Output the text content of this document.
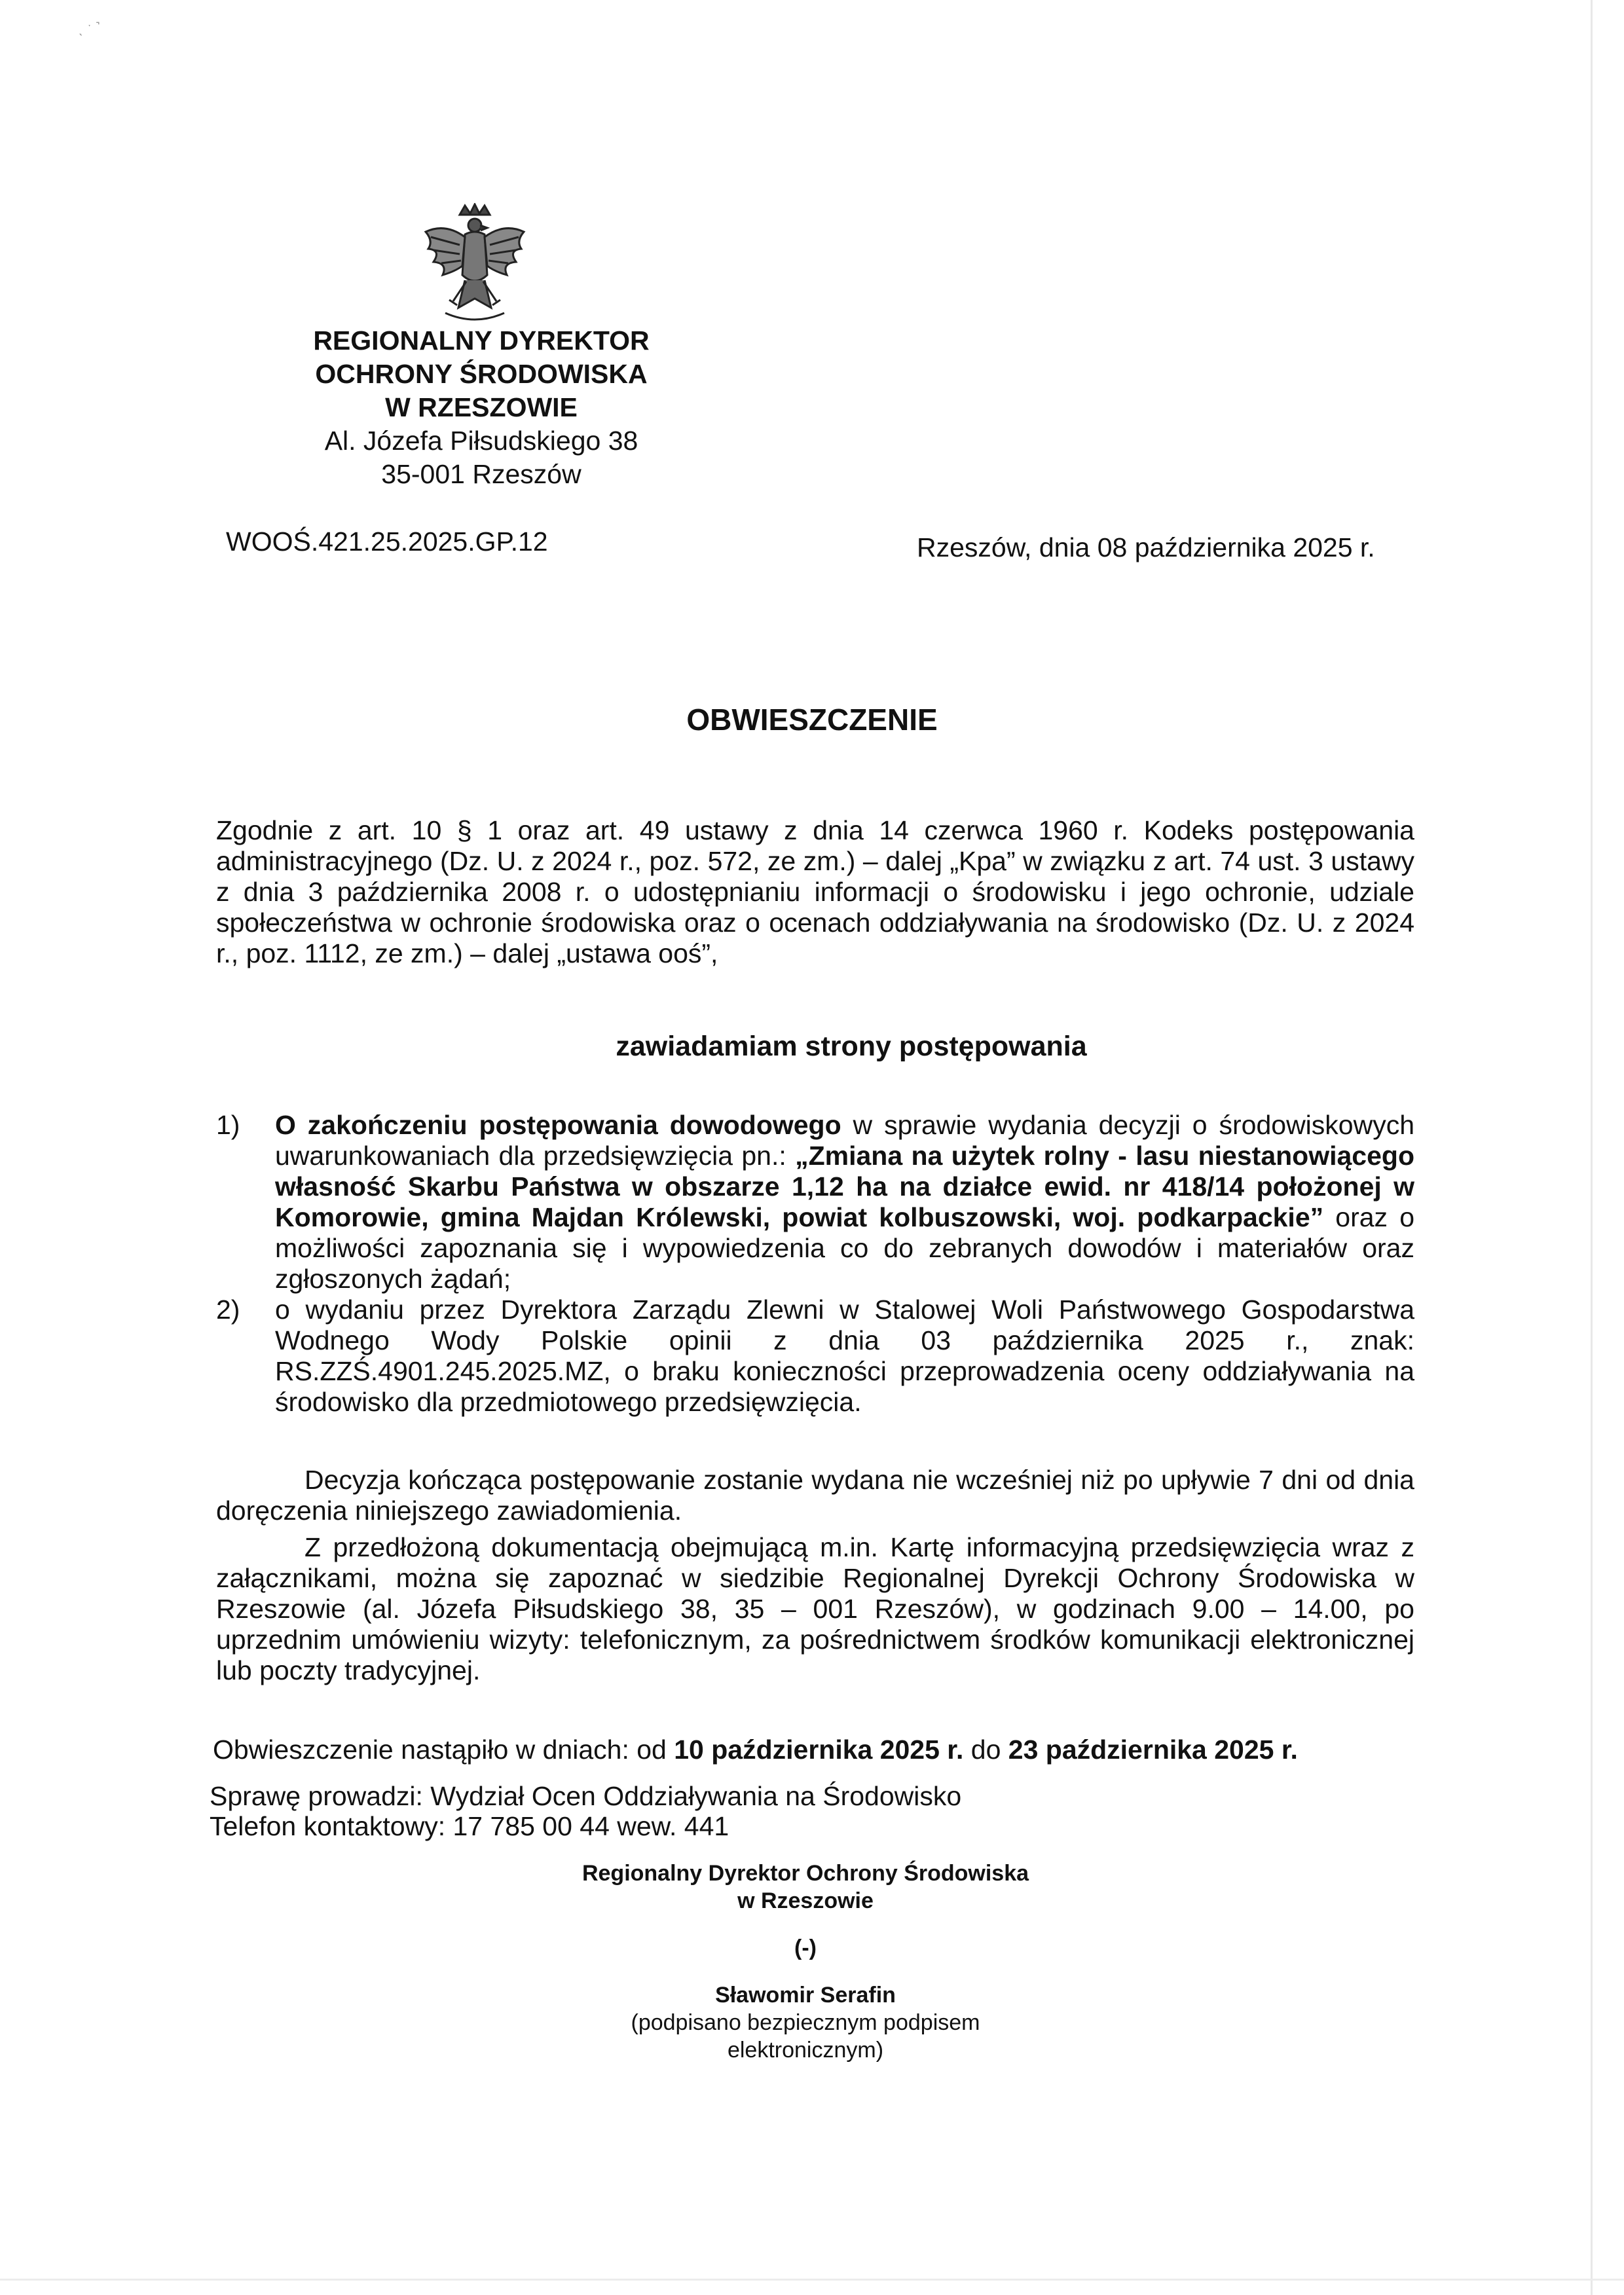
ˎ ˑ ˺
REGIONALNY DYREKTOR
OCHRONY ŚRODOWISKA
W RZESZOWIE
Al. Józefa Piłsudskiego 38
35-001 Rzeszów
WOOŚ.421.25.2025.GP.12	Rzeszów, dnia 08 października 2025 r.
OBWIESZCZENIE
Zgodnie z art. 10 § 1 oraz art. 49 ustawy z dnia 14 czerwca 1960 r. Kodeks postępowania administracyjnego (Dz. U. z 2024 r., poz. 572, ze zm.) – dalej „Kpa” w związku z art. 74 ust. 3 ustawy z dnia 3 października 2008 r. o udostępnianiu informacji o środowisku i jego ochronie, udziale społeczeństwa w ochronie środowiska oraz o ocenach oddziaływania na środowisko (Dz. U. z 2024 r., poz. 1112, ze zm.) – dalej „ustawa ooś”,
zawiadamiam strony postępowania
1)	O zakończeniu postępowania dowodowego w sprawie wydania decyzji o środowiskowych uwarunkowaniach dla przedsięwzięcia pn.: „Zmiana na użytek rolny - lasu niestanowiącego własność Skarbu Państwa w obszarze 1,12 ha na działce ewid. nr 418/14 położonej w Komorowie, gmina Majdan Królewski, powiat kolbuszowski, woj. podkarpackie” oraz o możliwości zapoznania się i wypowiedzenia co do zebranych dowodów i materiałów oraz zgłoszonych żądań;
2)	o wydaniu przez Dyrektora Zarządu Zlewni w Stalowej Woli Państwowego Gospodarstwa Wodnego Wody Polskie opinii z dnia 03 października 2025 r., znak: RS.ZZŚ.4901.245.2025.MZ, o braku konieczności przeprowadzenia oceny oddziaływania na środowisko dla przedmiotowego przedsięwzięcia.
Decyzja kończąca postępowanie zostanie wydana nie wcześniej niż po upływie 7 dni od dnia doręczenia niniejszego zawiadomienia.
Z przedłożoną dokumentacją obejmującą m.in. Kartę informacyjną przedsięwzięcia wraz z załącznikami, można się zapoznać w siedzibie Regionalnej Dyrekcji Ochrony Środowiska w Rzeszowie (al. Józefa Piłsudskiego 38, 35 – 001 Rzeszów), w godzinach 9.00 – 14.00, po uprzednim umówieniu wizyty: telefonicznym, za pośrednictwem środków komunikacji elektronicznej lub poczty tradycyjnej.
Obwieszczenie nastąpiło w dniach: od 10 października 2025 r. do 23 października 2025 r.
Sprawę prowadzi: Wydział Ocen Oddziaływania na Środowisko
Telefon kontaktowy: 17 785 00 44 wew. 441
Regionalny Dyrektor Ochrony Środowiska
w Rzeszowie
(-)
Sławomir Serafin
(podpisano bezpiecznym podpisem elektronicznym)
